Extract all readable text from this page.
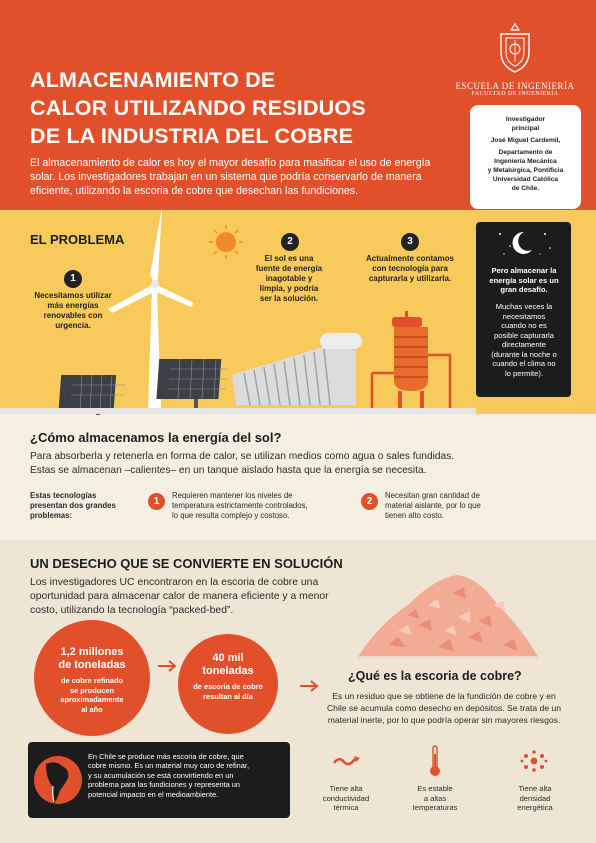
ALMACENAMIENTO DE
CALOR UTILIZANDO RESIDUOS
DE LA INDUSTRIA DEL COBRE
El almacenamiento de calor es hoy el mayor desafío para masificar el uso de energía solar. Los investigadores trabajan en un sistema que podría conservarlo de manera eficiente, utilizando la escoria de cobre que desechan las fundiciones.
ESCUELA DE INGENIERÍA
FACULTAD DE INGENIERÍA
Investigador
principal
José Miguel Cardemil,
Departamento de
Ingeniería Mecánica
y Metalúrgica, Pontificia
Universidad Católica
de Chile.
EL PROBLEMA
1
Necesitamos utilizar
más energías
renovables con
urgencia.
2
El sol es una
fuente de energía
inagotable y
limpia, y podría
ser la solución.
3
Actualmente contamos
con tecnología para
capturarla y utilizarla.
Pero almacenar la
energía solar es un
gran desafío.
Muchas veces la
necesitamos
cuando no es
posible capturarla
directamente
(durante la noche o
cuando el clima no
lo permite).
¿Cómo almacenamos la energía del sol?
Para absorberla y retenerla en forma de calor, se utilizan medios como agua o sales fundidas.
Estas se almacenan –calientes– en un tanque aislado hasta que la energía se necesita.
Estas tecnologías
presentan dos grandes
problemas:
1
Requieren mantener los niveles de
temperatura estrictamente controlados,
lo que resulta complejo y costoso.
2
Necesitan gran cantidad de
material aislante, por lo que
tienen alto costo.
UN DESECHO QUE SE CONVIERTE EN SOLUCIÓN
Los investigadores UC encontraron en la escoria de cobre una
oportunidad para almacenar calor de manera eficiente y a menor
costo, utilizando la tecnología “packed-bed”.
1,2 millones
de toneladas
de cobre refinado
se producen
aproximadamente
al año
40 mil
toneladas
de escoria de cobre
resultan al día
¿Qué es la escoria de cobre?
Es un residuo que se obtiene de la fundición de cobre y en
Chile se acumula como desecho en depósitos. Se trata de un
material inerte, por lo que podría operar sin mayores riesgos.
En Chile se produce más escoria de cobre, que
cobre mismo. Es un material muy caro de refinar,
y su acumulación se está convirtiendo en un
problema para las fundiciones y representa un
potencial impacto en el medioambiente.
Tiene alta
conductividad
térmica
Es estable
a altas
temperaturas
Tiene alta
densidad
energética
